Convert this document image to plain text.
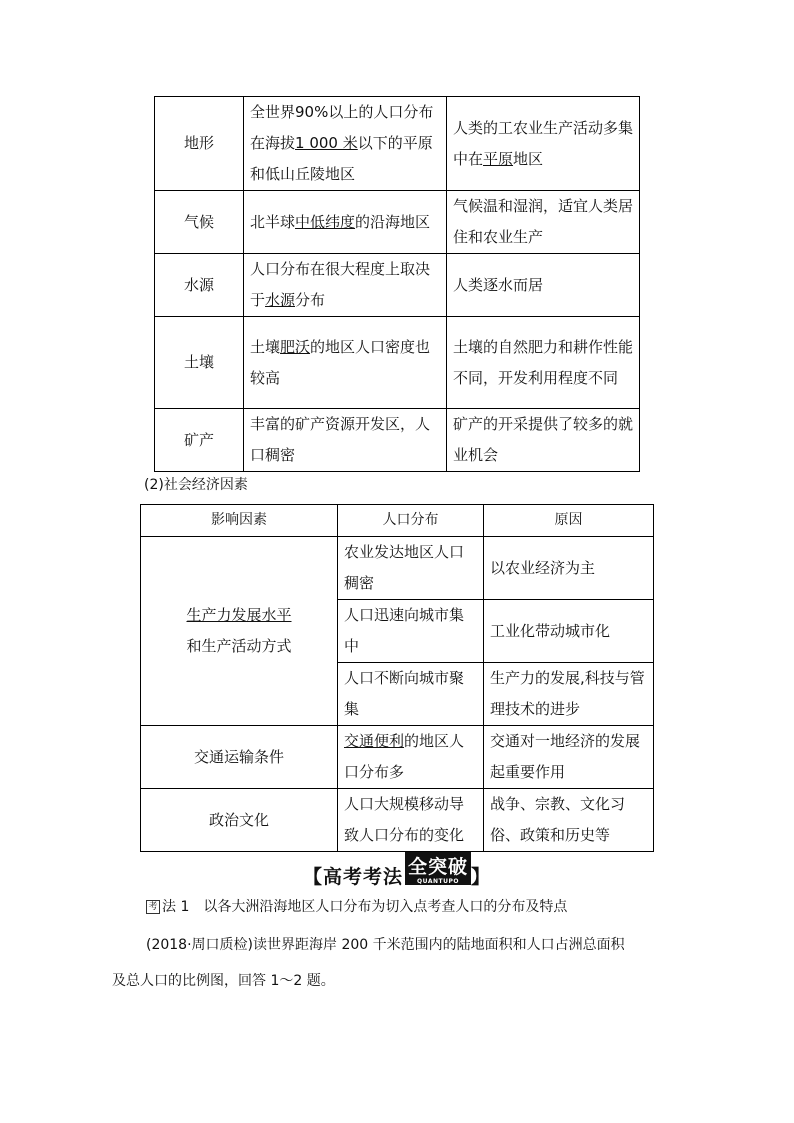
地形	全世界90%以上的人口分布在海拔1 000 米以下的平原和低山丘陵地区	人类的工农业生产活动多集中在平原地区
气候	北半球中低纬度的沿海地区	气候温和湿润，适宜人类居住和农业生产
水源	人口分布在很大程度上取决于水源分布	人类逐水而居
土壤	土壤肥沃的地区人口密度也较高	土壤的自然肥力和耕作性能不同，开发利用程度不同
矿产	丰富的矿产资源开发区，人口稠密	矿产的开采提供了较多的就业机会
(2)社会经济因素
影响因素	人口分布	原因
生产力发展水平
和生产活动方式	农业发达地区人口稠密	以农业经济为主
	人口迅速向城市集中	工业化带动城市化
	人口不断向城市聚集	生产力的发展,科技与管理技术的进步
交通运输条件	交通便利的地区人口分布多	交通对一地经济的发展起重要作用
政治文化	人口大规模移动导致人口分布的变化	战争、宗教、文化习俗、政策和历史等
【高考考法 全突破
QUANTUPO 】
考 法 1　以各大洲沿海地区人口分布为切入点考查人口的分布及特点
(2018·周口质检)读世界距海岸 200 千米范围内的陆地面积和人口占洲总面积
及总人口的比例图，回答 1～2 题。
